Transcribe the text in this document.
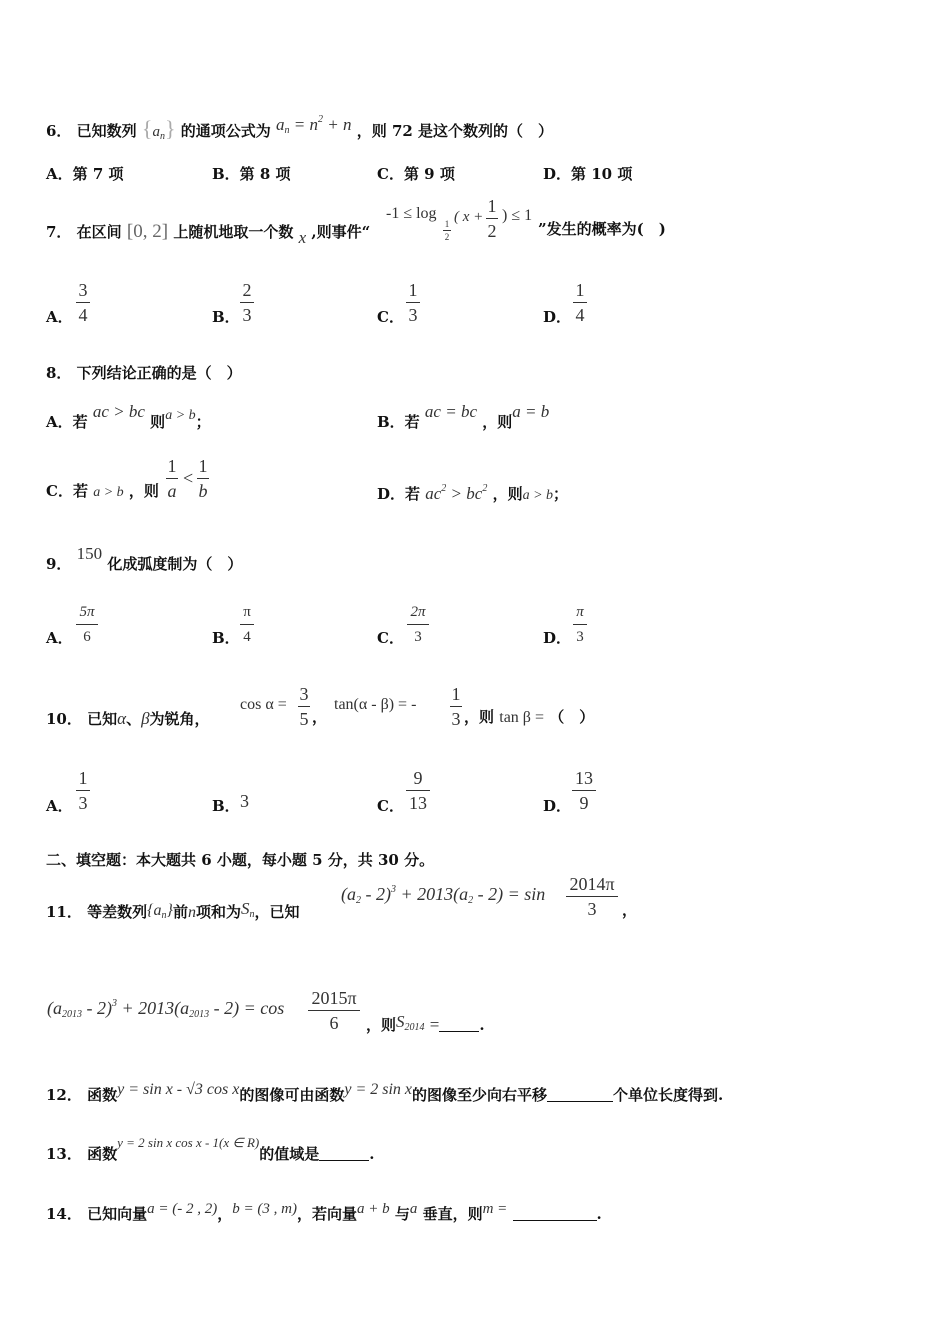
6． 已知数列 $\{a_n\}$ 的通项公式为 $a_n = n^2 + n$ ，则 72 是这个数列的（　）
A．第 7 项	B．第 8 项	C．第 9 项	D．第 10 项
7． 在区间 [0, 2] 上随机地取一个数 x ,则事件“
-1 ≤ log
1
2
( x +
1
2
) ≤ 1
”发生的概率为(　)
A．
3
4	B．
2
3	C．
1
3	D．
1
4
8． 下列结论正确的是（　）
A．若 ac > bc 则a > b；	B．若 ac = bc ，则a = b
C．若 a > b ，则
1
a
<
1
b	D．若 $ac^2 > bc^2$ ，则a > b；
9． 150 化成弧度制为（　）
A．
5π
6	B．
π
4	C．
2π
3	D．
π
3
10． 已知α、β为锐角，
cos α =
3
5 ，
tan(α - β) = -
1
3 ，则 tan β = （　）
A．
1
3	B． 3	C．
9
13	D．
13
9
二、填空题：本大题共 6 小题，每小题 5 分，共 30 分。
11． 等差数列$\{a_n\}$前n项和为$S_n$，已知
$(a_2 - 2)^3 + 2013(a_2 - 2) = \sin 2014\pi$
3	，
$(a_{2013} - 2)^3 + 2013(a_{2013} - 2) = \cos 2015\pi$
6	，则$S_{2014}$ =	.
12． 函数y = sin x - √3 cos x的图像可由函数y = 2 sin x的图像至少向右平移	个单位长度得到.
13． 函数y = 2 sin x cos x - 1(x ∈ R)的值域是	.
14． 已知向量a = (- 2 , 2)，b = (3 , m)，若向量a + b 与a 垂直，则m =	.
